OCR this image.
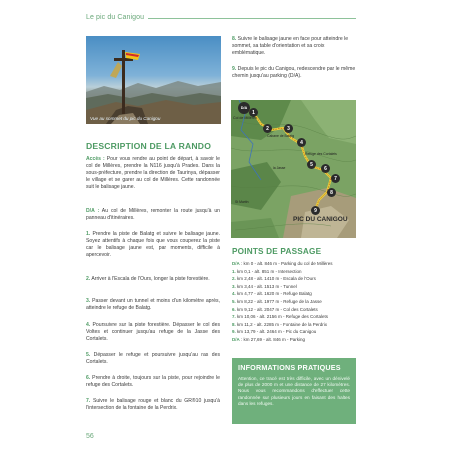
Le pic du Canigou
Vue au sommet du pic du Canigou
DESCRIPTION DE LA RANDO

Accès : Pour vous rendre au point de départ, à savoir le col de Millères, prendre la N116 jusqu'à Prades. Dans la sous-préfecture, prendre la direction de Taurinya, dépasser le village et se garer au col de Millères. Cette randonnée suit le balisage jaune.

D/A : Au col de Millères, remonter la route jusqu'à un panneau d'itinéraires.

1. Prendre la piste de Balatg et suivre le balisage jaune. Soyez attentifs à chaque fois que vous couperez la piste car le balisage jaune est, par moments, difficile à apercevoir.

2. Arriver à l'Escala de l'Ours, longer la piste forestière.

3. Passer devant un tunnel et moins d'un kilomètre après, atteindre le refuge de Balatg.

4. Poursuivre sur la piste forestière. Dépasser le col des Voltes et continuer jusqu'au refuge de la Jasse des Cortalets.

5. Dépasser le refuge et poursuivre jusqu'au ras des Cortalets.

6. Prendre à droite, toujours sur la piste, pour rejoindre le refuge des Cortalets.

7. Suivre le balisage rouge et blanc du GR®10 jusqu'à l'intersection de la fontaine de la Perdrix.

8. Suivre le balisage jaune en face pour atteindre le sommet, sa table d'orientation et sa croix emblématique.

9. Depuis le pic du Canigou, redescendre par le même chemin jusqu'au parking (D/A).

D/A
1
2	3
4
5
6
7
8
9
PIC DU CANIGOU
Col de Millères
Refuge des Cortalets
Cabane de Balatg
St Martin
la Jasse
POINTS DE PASSAGE
D/A : km 0 - alt. 846 m - Parking du col de Millères
1. km 0,1 - alt. 851 m - Intersection
2. km 2,48 - alt. 1410 m - Escala de l'Ours
3. km 3,44 - alt. 1513 m - Tunnel
4. km 4,77 - alt. 1620 m - Refuge Balatg
5. km 8,22 - alt. 1977 m - Refuge de la Jasse
6. km 9,12 - alt. 2047 m - Col des Cortalets
7. km 10,06 - alt. 2156 m - Refuge des Cortalets
8. km 11,2 - alt. 2285 m - Fontaine de la Perdrix
9. km 13,79 - alt. 2464 m - Pic du Canigou
D/A : km 27,69 - alt. 846 m - Parking
INFORMATIONS PRATIQUES
Attention, ce tracé est très difficile, avec un dénivelé de plus de 2000 m et une distance de 27 kilomètres. Nous vous recommandons d'effectuer cette randonnée sur plusieurs jours en faisant des haltes dans les refuges.
56
